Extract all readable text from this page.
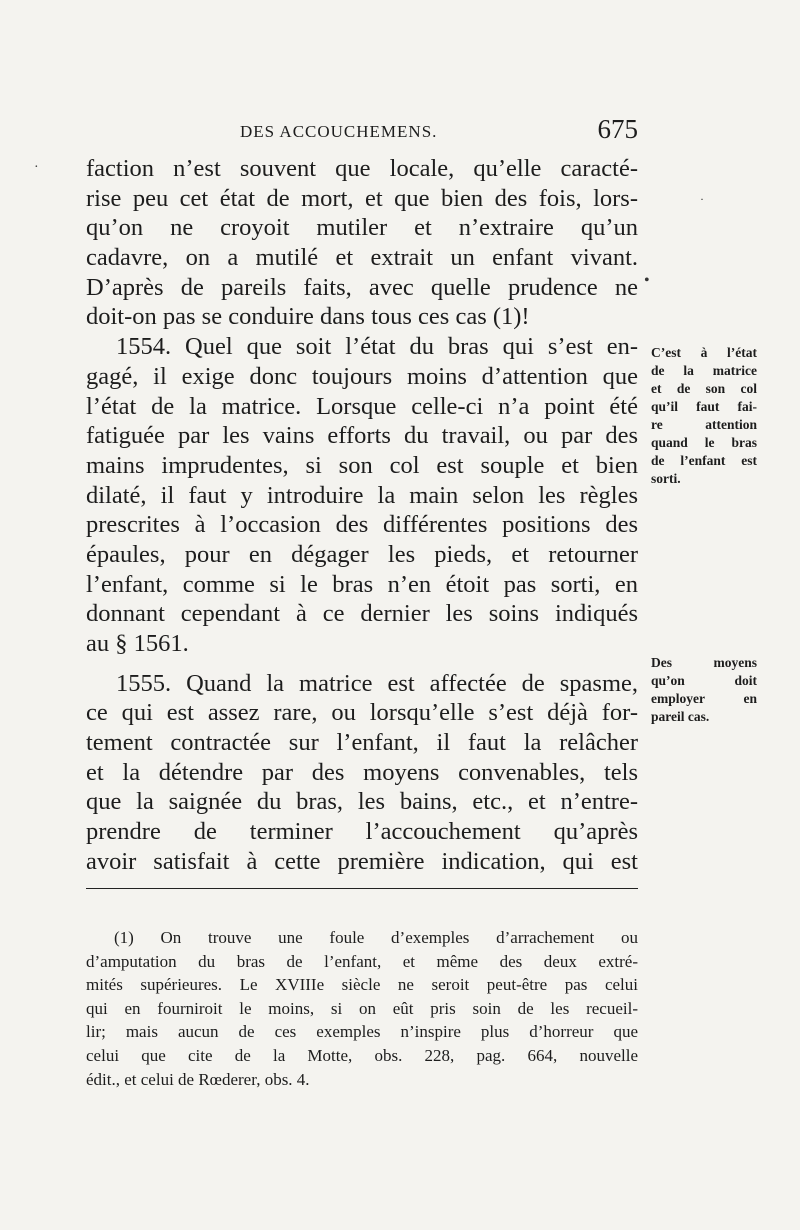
DES ACCOUCHEMENS.	675
faction n’est souvent que locale, qu’elle caracté-
rise peu cet état de mort, et que bien des fois, lors-
qu’on ne croyoit mutiler et n’extraire qu’un
cadavre, on a mutilé et extrait un enfant vivant.
D’après de pareils faits, avec quelle prudence ne
doit-on pas se conduire dans tous ces cas (1)!
1554. Quel que soit l’état du bras qui s’est en-
gagé, il exige donc toujours moins d’attention que
l’état de la matrice. Lorsque celle-ci n’a point été
fatiguée par les vains efforts du travail, ou par des
mains imprudentes, si son col est souple et bien
dilaté, il faut y introduire la main selon les règles
prescrites à l’occasion des différentes positions des
épaules, pour en dégager les pieds, et retourner
l’enfant, comme si le bras n’en étoit pas sorti, en
donnant cependant à ce dernier les soins indiqués
au § 1561.
1555. Quand la matrice est affectée de spasme,
ce qui est assez rare, ou lorsqu’elle s’est déjà for-
tement contractée sur l’enfant, il faut la relâcher
et la détendre par des moyens convenables, tels
que la saignée du bras, les bains, etc., et n’entre-
prendre de terminer l’accouchement qu’après
avoir satisfait à cette première indication, qui est
C’est à l’état
de la matrice
et de son col
qu’il faut fai-
re attention
quand le bras
de l’enfant est
sorti.
Des moyens
qu’on doit
employer en
pareil cas.
(1) On trouve une foule d’exemples d’arrachement ou
d’amputation du bras de l’enfant, et même des deux extré-
mités supérieures. Le XVIIIe siècle ne seroit peut-être pas celui
qui en fourniroit le moins, si on eût pris soin de les recueil-
lir; mais aucun de ces exemples n’inspire plus d’horreur que
celui que cite de la Motte, obs. 228, pag. 664, nouvelle
édit., et celui de Rœderer, obs. 4.
·
•
·
